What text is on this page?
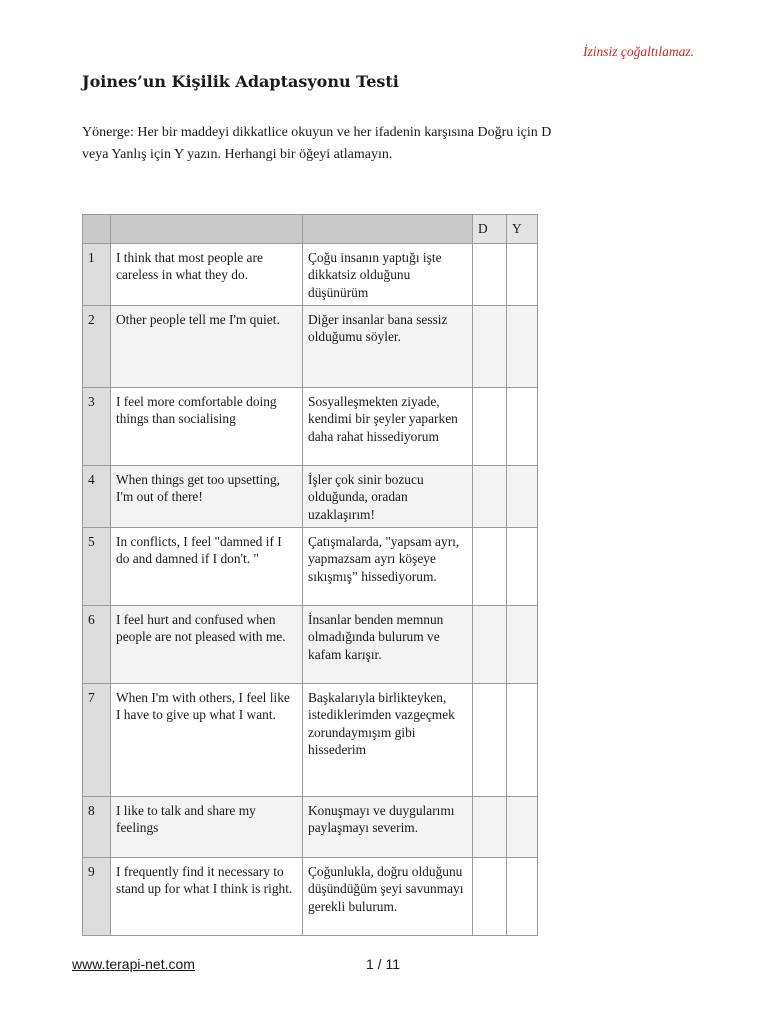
İzinsiz çoğaltılamaz.
Joines’un Kişilik Adaptasyonu Testi
Yönerge: Her bir maddeyi dikkatlice okuyun ve her ifadenin karşısına Doğru için D veya Yanlış için Y yazın. Herhangi bir öğeyi atlamayın.
			D	Y
1	I think that most people are careless in what they do.	Çoğu insanın yaptığı işte dikkatsiz olduğunu düşünürüm		
2	Other people tell me I'm quiet.	Diğer insanlar bana sessiz olduğumu söyler.		
3	I feel more comfortable doing things than socialising	Sosyalleşmekten ziyade, kendimi bir şeyler yaparken daha rahat hissediyorum		
4	When things get too upsetting, I'm out of there!	İşler çok sinir bozucu olduğunda, oradan uzaklaşırım!		
5	In conflicts, I feel "damned if I do and damned if I don't. "	Çatışmalarda, "yapsam ayrı, yapmazsam ayrı köşeye sıkışmış” hissediyorum.		
6	I feel hurt and confused when people are not pleased with me.	İnsanlar benden memnun olmadığında bulurum ve kafam karışır.		
7	When I'm with others, I feel like I have to give up what I want.	Başkalarıyla birlikteyken, istediklerimden vazgeçmek zorundaymışım gibi hissederim		
8	I like to talk and share my feelings	Konuşmayı ve duygularımı paylaşmayı severim.		
9	I frequently find it necessary to stand up for what I think is right.	Çoğunlukla, doğru olduğunu düşündüğüm şeyi savunmayı gerekli bulurum.		
www.terapi-net.com	1 / 11
